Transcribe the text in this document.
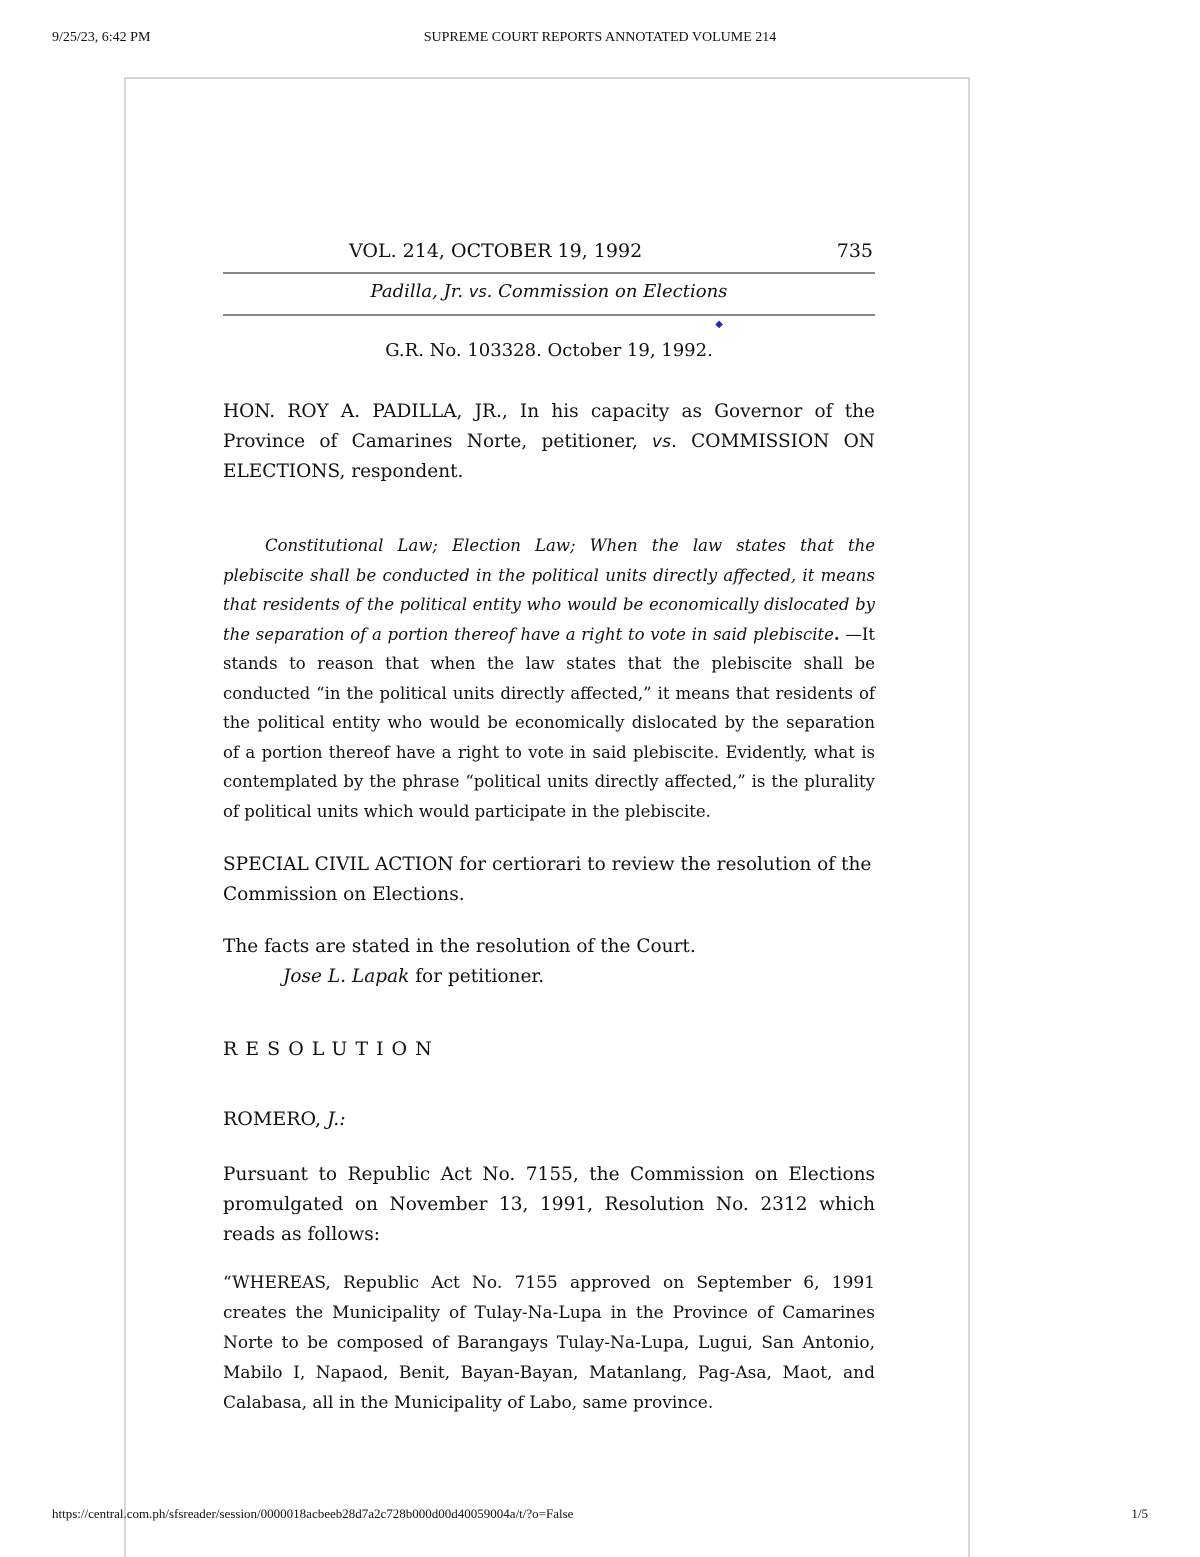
9/25/23, 6:42 PM	SUPREME COURT REPORTS ANNOTATED VOLUME 214
VOL. 214, OCTOBER 19, 1992	735
Padilla, Jr. vs. Commission on Elections
◆
G.R. No. 103328. October 19, 1992.
HON. ROY A. PADILLA, JR., In his capacity as Governor of the Province of Camarines Norte, petitioner, vs. COMMISSION ON ELECTIONS, respondent.
Constitutional Law; Election Law; When the law states that the plebiscite shall be conducted in the political units directly affected, it means that residents of the political entity who would be economically dislocated by the separation of a portion thereof have a right to vote in said plebiscite. —It stands to reason that when the law states that the plebiscite shall be conducted “in the political units directly affected,” it means that residents of the political entity who would be economically dislocated by the separation of a portion thereof have a right to vote in said plebiscite. Evidently, what is contemplated by the phrase “political units directly affected,” is the plurality of political units which would participate in the plebiscite.
SPECIAL CIVIL ACTION for certiorari to review the resolution of the Commission on Elections.
The facts are stated in the resolution of the Court.
Jose L. Lapak for petitioner.
RESOLUTION
ROMERO, J.:
Pursuant to Republic Act No. 7155, the Commission on Elections promulgated on November 13, 1991, Resolution No. 2312 which reads as follows:
“WHEREAS, Republic Act No. 7155 approved on September 6, 1991 creates the Municipality of Tulay-Na-Lupa in the Province of Camarines Norte to be composed of Barangays Tulay-Na-Lupa, Lugui, San Antonio, Mabilo I, Napaod, Benit, Bayan-Bayan, Matanlang, Pag-Asa, Maot, and Calabasa, all in the Municipality of Labo, same province.
https://central.com.ph/sfsreader/session/0000018acbeeb28d7a2c728b000d00d40059004a/t/?o=False	1/5
